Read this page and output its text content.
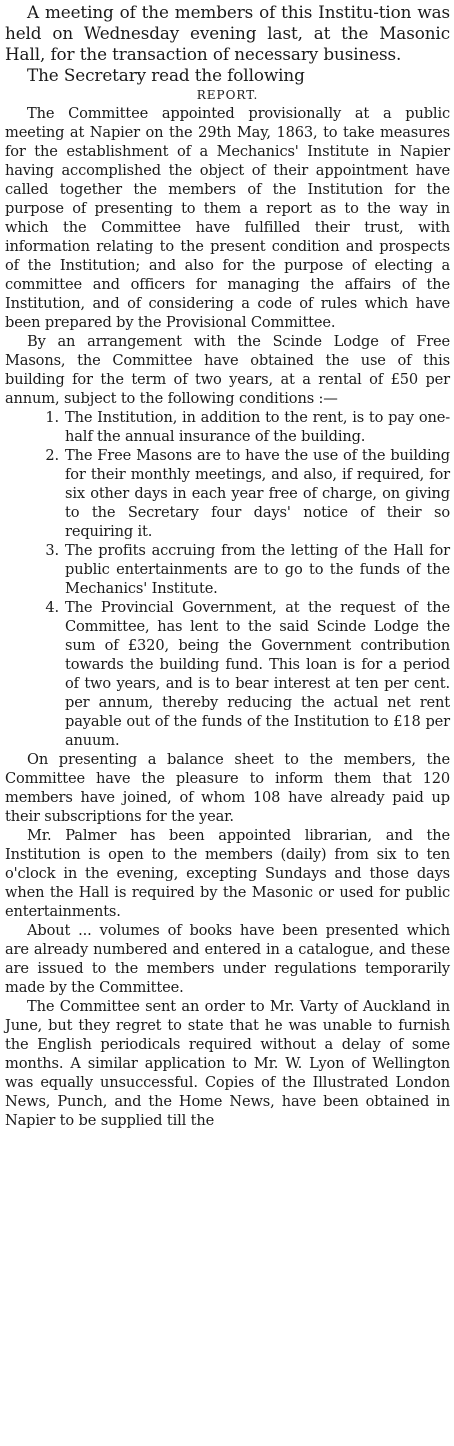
A meeting of the members of this Institu-tion was held on Wednesday evening last, at the Masonic Hall, for the transaction of necessary business.

The Secretary read the following

REPORT.

The Committee appointed provisionally at a public meeting at Napier on the 29th May, 1863, to take measures for the establishment of a Mechanics' Institute in Napier having accomplished the object of their appointment have called together the members of the Institution for the purpose of presenting to them a report as to the way in which the Committee have fulfilled their trust, with information relating to the present condition and prospects of the Institution; and also for the purpose of electing a committee and officers for managing the affairs of the Institution, and of considering a code of rules which have been prepared by the Provisional Committee.

By an arrangement with the Scinde Lodge of Free Masons, the Committee have obtained the use of this building for the term of two years, at a rental of £50 per annum, subject to the following conditions :—

1. The Institution, in addition to the rent, is to pay one-half the annual insurance of the building.
2. The Free Masons are to have the use of the building for their monthly meetings, and also, if required, for six other days in each year free of charge, on giving to the Secretary four days' notice of their so requiring it.
3. The profits accruing from the letting of the Hall for public entertainments are to go to the funds of the Mechanics' Institute.
4. The Provincial Government, at the request of the Committee, has lent to the said Scinde Lodge the sum of £320, being the Government contribution towards the building fund. This loan is for a period of two years, and is to bear interest at ten per cent. per annum, thereby reducing the actual net rent payable out of the funds of the Institution to £18 per anuum.

On presenting a balance sheet to the members, the Committee have the pleasure to inform them that 120 members have joined, of whom 108 have already paid up their subscriptions for the year.

Mr. Palmer has been appointed librarian, and the Institution is open to the members (daily) from six to ten o'clock in the evening, excepting Sundays and those days when the Hall is required by the Masonic or used for public entertainments.

About ... volumes of books have been presented which are already numbered and entered in a catalogue, and these are issued to the members under regulations temporarily made by the Committee.

The Committee sent an order to Mr. Varty of Auckland in June, but they regret to state that he was unable to furnish the English periodicals required without a delay of some months. A similar application to Mr. W. Lyon of Wellington was equally unsuccessful. Copies of the Illustrated London News, Punch, and the Home News, have been obtained in Napier to be supplied till the
